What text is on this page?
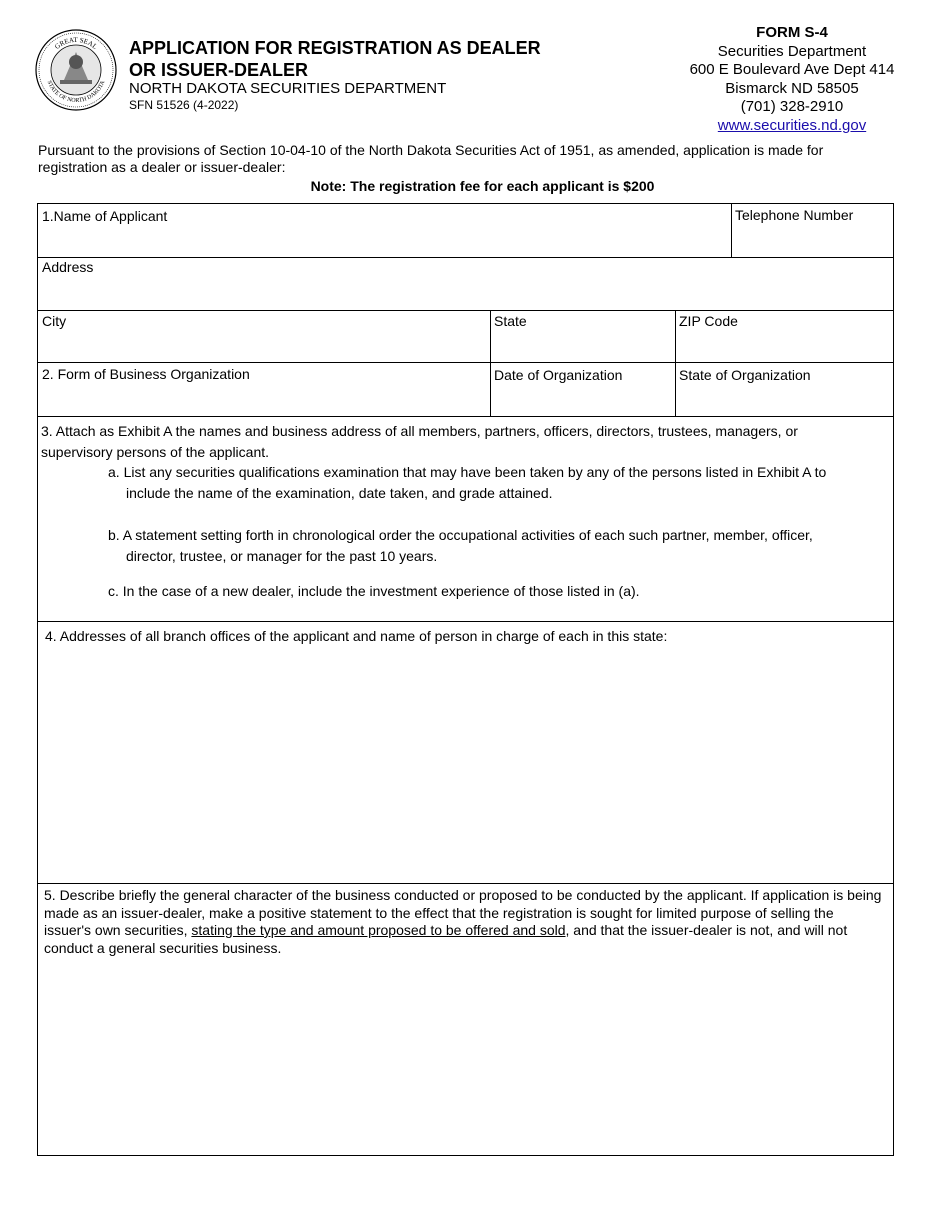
GREAT SEAL
STATE OF NORTH DAKOTA
APPLICATION FOR REGISTRATION AS DEALER
OR ISSUER-DEALER
NORTH DAKOTA SECURITIES DEPARTMENT
SFN 51526 (4-2022)
FORM S-4
Securities Department
600 E Boulevard Ave Dept 414
Bismarck ND 58505
(701) 328-2910
www.securities.nd.gov
Pursuant to the provisions of Section 10-04-10 of the North Dakota Securities Act of 1951, as amended, application is made for registration as a dealer or issuer-dealer:
Note: The registration fee for each applicant is $200
1.Name of Applicant	Telephone Number
Address
City	State	ZIP Code
2. Form of Business Organization	Date of Organization	State of Organization
3. Attach as Exhibit A the names and business address of all members, partners, officers, directors, trustees, managers, or supervisory persons of the applicant.
a. List any securities qualifications examination that may have been taken by any of the persons listed in Exhibit A to include the name of the examination, date taken, and grade attained.
b. A statement setting forth in chronological order the occupational activities of each such partner, member, officer, director, trustee, or manager for the past 10 years.
c. In the case of a new dealer, include the investment experience of those listed in (a).
4. Addresses of all branch offices of the applicant and name of person in charge of each in this state:
5. Describe briefly the general character of the business conducted or proposed to be conducted by the applicant. If application is being made as an issuer-dealer, make a positive statement to the effect that the registration is sought for limited purpose of selling the issuer's own securities, stating the type and amount proposed to be offered and sold, and that the issuer-dealer is not, and will not conduct a general securities business.
